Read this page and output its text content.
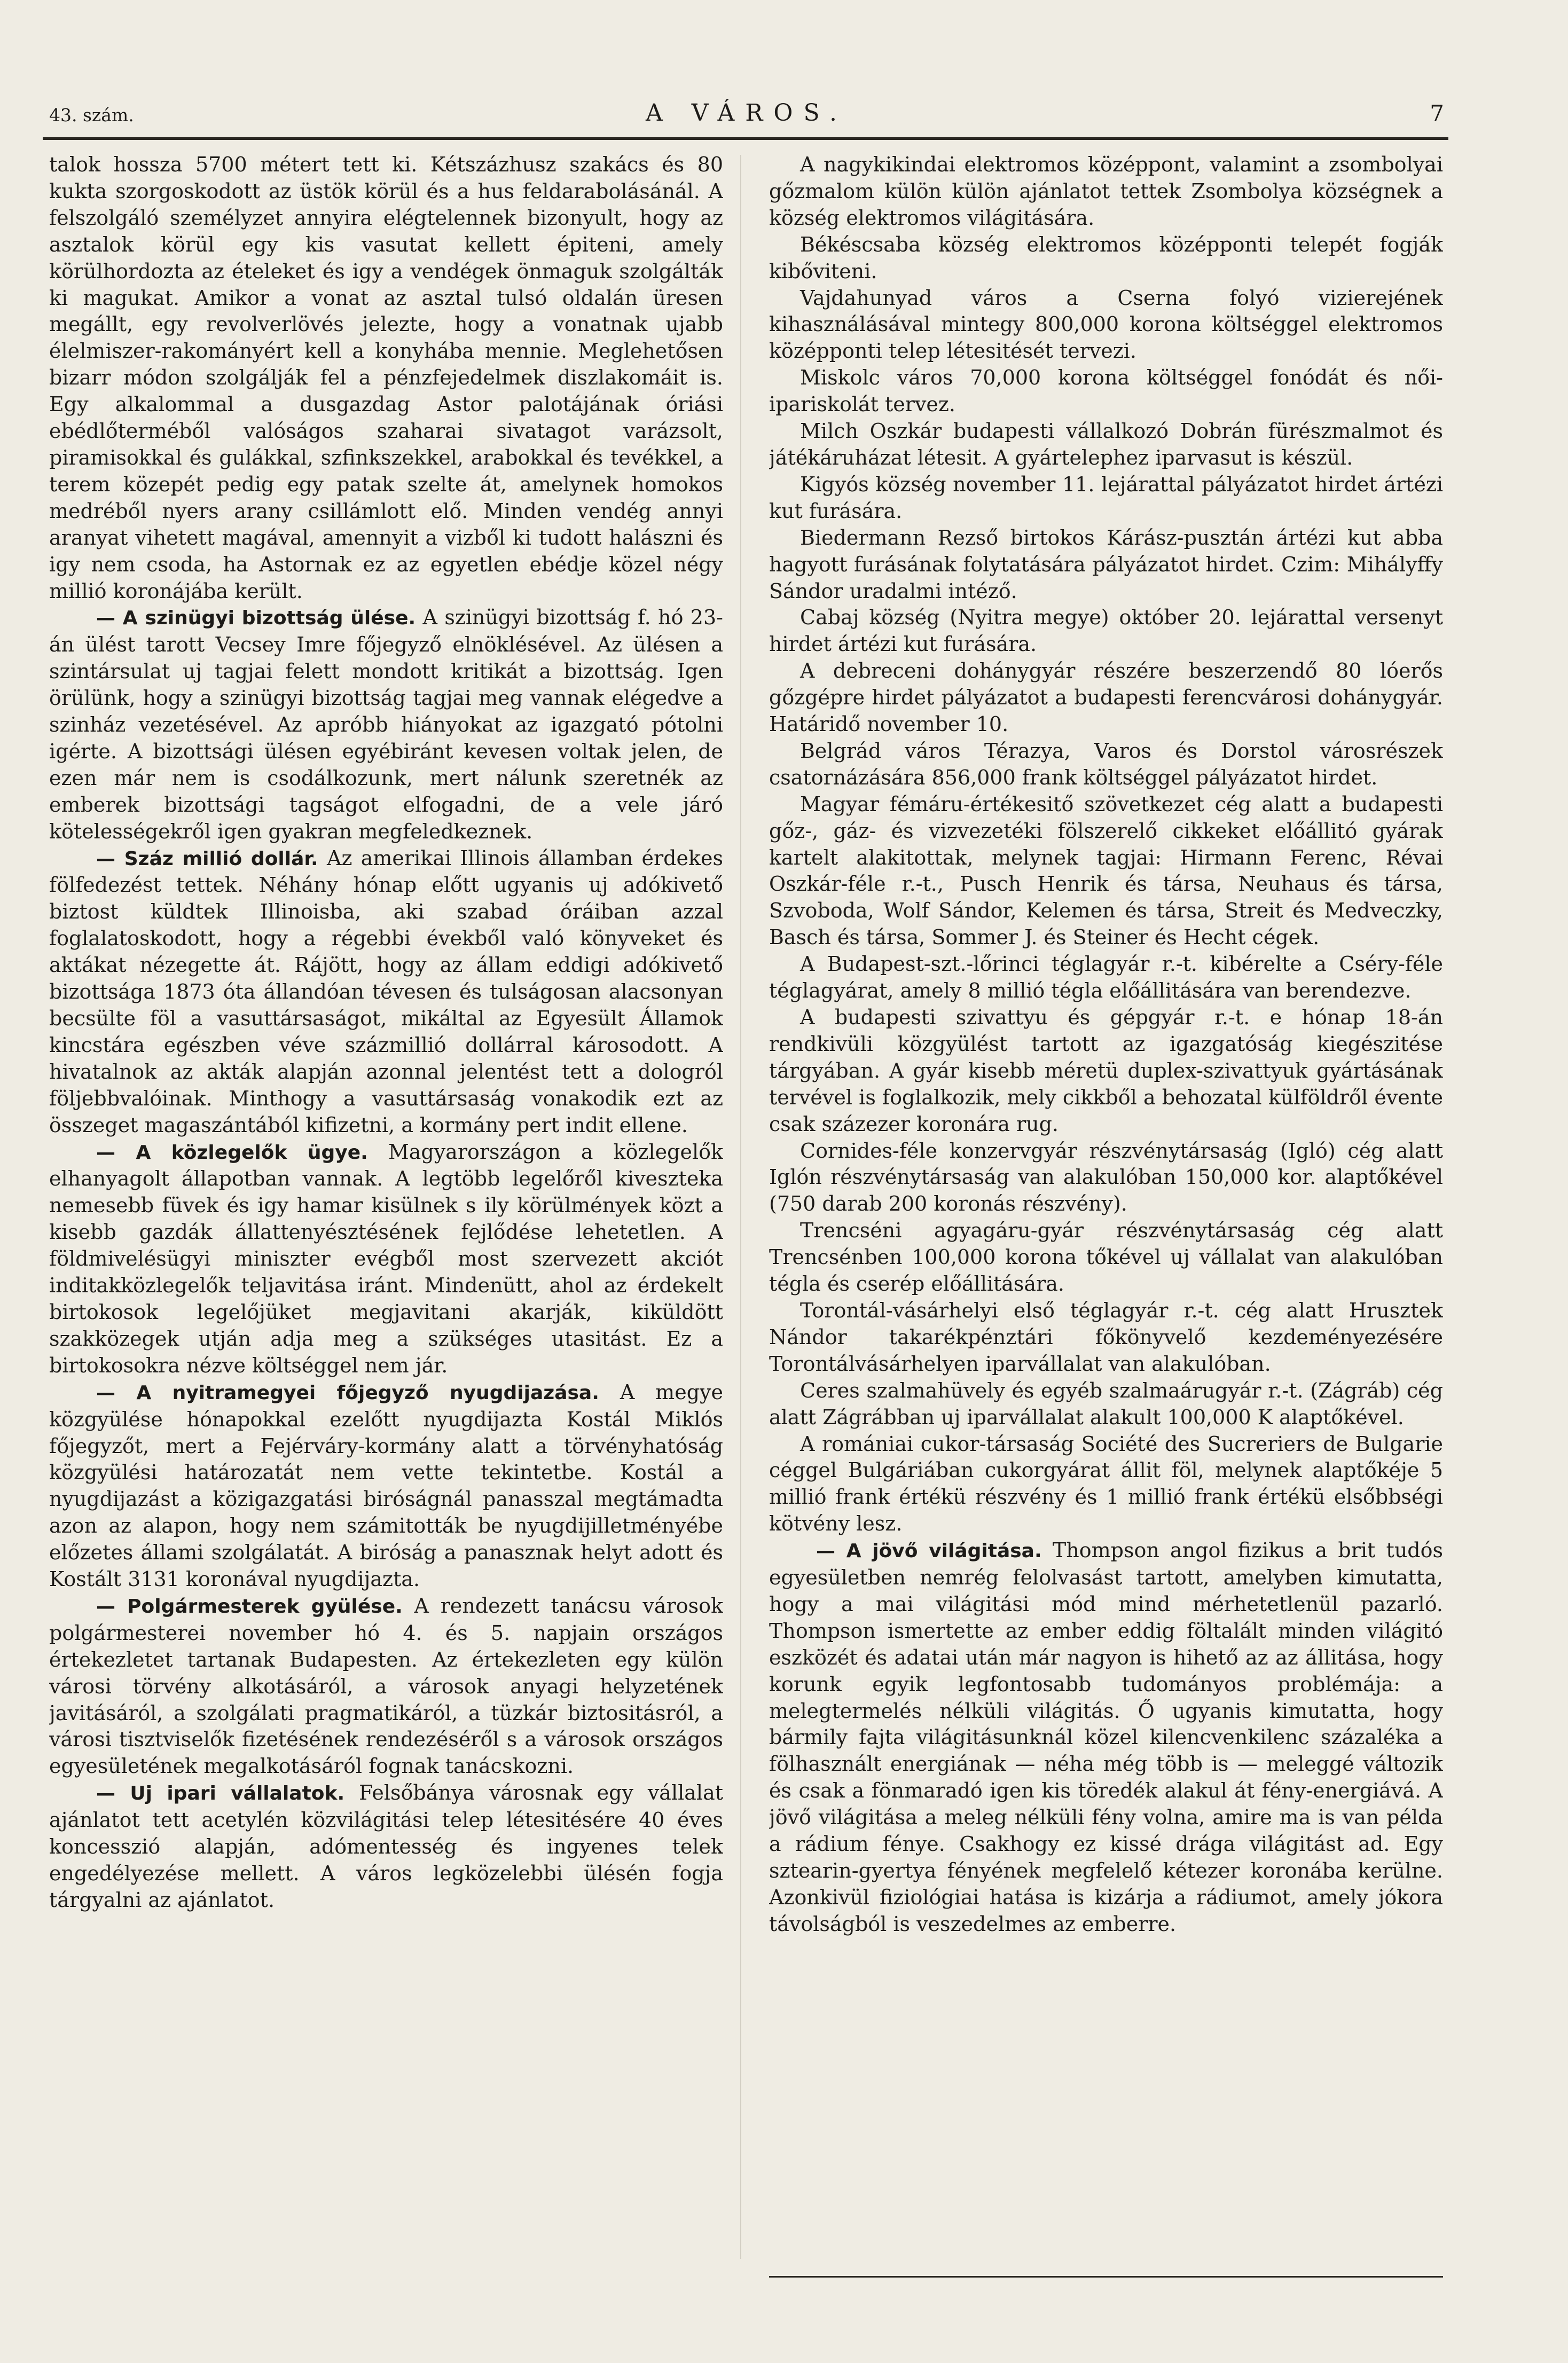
43. szám.	A VÁROS.	7

talok hossza 5700 métert tett ki. Kétszázhusz szakács és 80 kukta szorgoskodott az üstök körül és a hus feldarabolásánál. A felszolgáló személyzet annyira elégtelennek bizonyult, hogy az asztalok körül egy kis vasutat kellett épiteni, amely körülhordozta az ételeket és igy a vendégek önmaguk szolgálták ki magukat. Amikor a vonat az asztal tulsó oldalán üresen megállt, egy revolverlövés jelezte, hogy a vonatnak ujabb élelmiszer-rakományért kell a konyhába mennie. Meglehetősen bizarr módon szolgálják fel a pénzfejedelmek diszlakomáit is. Egy alkalommal a dusgazdag Astor palotájának óriási ebédlőterméből valóságos szaharai sivatagot varázsolt, piramisokkal és gulákkal, szfinkszekkel, arabokkal és tevékkel, a terem közepét pedig egy patak szelte át, amelynek homokos medréből nyers arany csillámlott elő. Minden vendég annyi aranyat vihetett magával, amennyit a vizből ki tudott halászni és igy nem csoda, ha Astornak ez az egyetlen ebédje közel négy millió koronájába került.

— A szinügyi bizottság ülése. A szinügyi bizottság f. hó 23-án ülést tarott Vecsey Imre főjegyző elnöklésével. Az ülésen a szintársulat uj tagjai felett mondott kritikát a bizottság. Igen örülünk, hogy a szinügyi bizottság tagjai meg vannak elégedve a szinház vezetésével. Az apróbb hiányokat az igazgató pótolni igérte. A bizottsági ülésen egyébiránt kevesen voltak jelen, de ezen már nem is csodálkozunk, mert nálunk szeretnék az emberek bizottsági tagságot elfogadni, de a vele járó kötelességekről igen gyakran megfeledkeznek.

— Száz millió dollár. Az amerikai Illinois államban érdekes fölfedezést tettek. Néhány hónap előtt ugyanis uj adókivető biztost küldtek Illinoisba, aki szabad óráiban azzal foglalatoskodott, hogy a régebbi évekből való könyveket és aktákat nézegette át. Rájött, hogy az állam eddigi adókivető bizottsága 1873 óta állandóan tévesen és tulságosan alacsonyan becsülte föl a vasuttársaságot, mikáltal az Egyesült Államok kincstára egészben véve százmillió dollárral károsodott. A hivatalnok az akták alapján azonnal jelentést tett a dologról följebbvalóinak. Minthogy a vasuttársaság vonakodik ezt az összeget magaszántából kifizetni, a kormány pert indit ellene.

— A közlegelők ügye. Magyarországon a közlegelők elhanyagolt állapotban vannak. A legtöbb legelőről kiveszteka nemesebb füvek és igy hamar kisülnek s ily körülmények közt a kisebb gazdák állattenyésztésének fejlődése lehetetlen. A földmivelésügyi miniszter evégből most szervezett akciót inditakközlegelők teljavitása iránt. Mindenütt, ahol az érdekelt birtokosok legelőjüket megjavitani akarják, kiküldött szakközegek utján adja meg a szükséges utasitást. Ez a birtokosokra nézve költséggel nem jár.

— A nyitramegyei főjegyző nyugdijazása. A megye közgyülése hónapokkal ezelőtt nyugdijazta Kostál Miklós főjegyzőt, mert a Fejérváry-kormány alatt a törvényhatóság közgyülési határozatát nem vette tekintetbe. Kostál a nyugdijazást a közigazgatási biróságnál panasszal megtámadta azon az alapon, hogy nem számitották be nyugdijilletményébe előzetes állami szolgálatát. A biróság a panasznak helyt adott és Kostált 3131 koronával nyugdijazta.

— Polgármesterek gyülése. A rendezett tanácsu városok polgármesterei november hó 4. és 5. napjain országos értekezletet tartanak Budapesten. Az értekezleten egy külön városi törvény alkotásáról, a városok anyagi helyzetének javitásáról, a szolgálati pragmatikáról, a tüzkár biztositásról, a városi tisztviselők fizetésének rendezéséről s a városok országos egyesületének megalkotásáról fognak tanácskozni.

— Uj ipari vállalatok. Felsőbánya városnak egy vállalat ajánlatot tett acetylén közvilágitási telep létesitésére 40 éves koncesszió alapján, adómentesség és ingyenes telek engedélyezése mellett. A város legközelebbi ülésén fogja tárgyalni az ajánlatot.

A nagykikindai elektromos középpont, valamint a zsombolyai gőzmalom külön külön ajánlatot tettek Zsombolya községnek a község elektromos világitására.

Békéscsaba község elektromos középponti telepét fogják kibőviteni.

Vajdahunyad város a Cserna folyó vizierejének kihasználásával mintegy 800,000 korona költséggel elektromos középponti telep létesitését tervezi.

Miskolc város 70,000 korona költséggel fonódát és női-ipariskolát tervez.

Milch Oszkár budapesti vállalkozó Dobrán fürészmalmot és játékáruházat létesit. A gyártelephez iparvasut is készül.

Kigyós község november 11. lejárattal pályázatot hirdet ártézi kut furására.

Biedermann Rezső birtokos Kárász-pusztán ártézi kut abba hagyott furásának folytatására pályázatot hirdet. Czim: Mihályffy Sándor uradalmi intéző.

Cabaj község (Nyitra megye) október 20. lejárattal versenyt hirdet ártézi kut furására.

A debreceni dohánygyár részére beszerzendő 80 lóerős gőzgépre hirdet pályázatot a budapesti ferencvárosi dohánygyár. Határidő november 10.

Belgrád város Térazya, Varos és Dorstol városrészek csatornázására 856,000 frank költséggel pályázatot hirdet.

Magyar fémáru-értékesitő szövetkezet cég alatt a budapesti gőz-, gáz- és vizvezetéki fölszerelő cikkeket előállitó gyárak kartelt alakitottak, melynek tagjai: Hirmann Ferenc, Révai Oszkár-féle r.-t., Pusch Henrik és társa, Neuhaus és társa, Szvoboda, Wolf Sándor, Kelemen és társa, Streit és Medveczky, Basch és társa, Sommer J. és Steiner és Hecht cégek.

A Budapest-szt.-lőrinci téglagyár r.-t. kibérelte a Cséry-féle téglagyárat, amely 8 millió tégla előállitására van berendezve.

A budapesti szivattyu és gépgyár r.-t. e hónap 18-án rendkivüli közgyülést tartott az igazgatóság kiegészitése tárgyában. A gyár kisebb méretü duplex-szivattyuk gyártásának tervével is foglalkozik, mely cikkből a behozatal külföldről évente csak százezer koronára rug.

Cornides-féle konzervgyár részvénytársaság (Igló) cég alatt Iglón részvénytársaság van alakulóban 150,000 kor. alaptőkével (750 darab 200 koronás részvény).

Trencséni agyagáru-gyár részvénytársaság cég alatt Trencsénben 100,000 korona tőkével uj vállalat van alakulóban tégla és cserép előállitására.

Torontál-vásárhelyi első téglagyár r.-t. cég alatt Hrusztek Nándor takarékpénztári főkönyvelő kezdeményezésére Torontálvásárhelyen iparvállalat van alakulóban.

Ceres szalmahüvely és egyéb szalmaárugyár r.-t. (Zágráb) cég alatt Zágrábban uj iparvállalat alakult 100,000 K alaptőkével.

A romániai cukor-társaság Société des Sucreriers de Bulgarie céggel Bulgáriában cukorgyárat állit föl, melynek alaptőkéje 5 millió frank értékü részvény és 1 millió frank értékü elsőbbségi kötvény lesz.

— A jövő világitása. Thompson angol fizikus a brit tudós egyesületben nemrég felolvasást tartott, amelyben kimutatta, hogy a mai világitási mód mind mérhetetlenül pazarló. Thompson ismertette az ember eddig föltalált minden világitó eszközét és adatai után már nagyon is hihető az az állitása, hogy korunk egyik legfontosabb tudományos problémája: a melegtermelés nélküli világitás. Ő ugyanis kimutatta, hogy bármily fajta világitásunknál közel kilencvenkilenc százaléka a fölhasznált energiának — néha még több is — meleggé változik és csak a fönmaradó igen kis töredék alakul át fény-energiává. A jövő világitása a meleg nélküli fény volna, amire ma is van példa a rádium fénye. Csakhogy ez kissé drága világitást ad. Egy sztearin-gyertya fényének megfelelő kétezer koronába kerülne. Azonkivül fiziológiai hatása is kizárja a rádiumot, amely jókora távolságból is veszedelmes az emberre.
